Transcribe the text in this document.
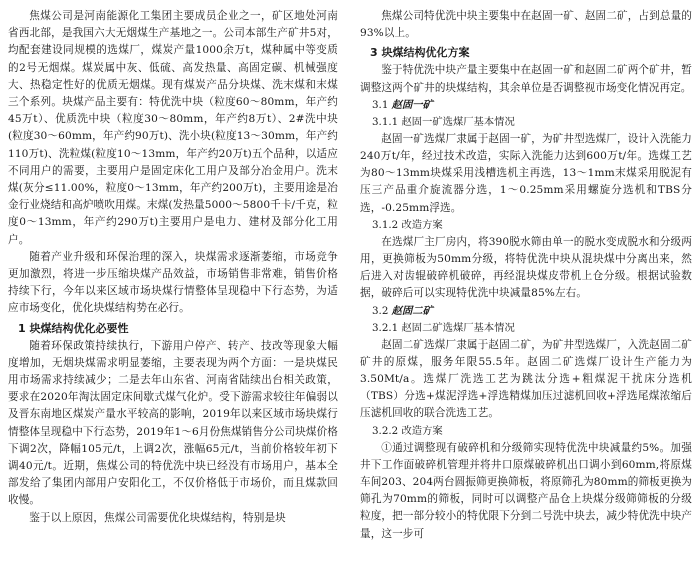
焦煤公司是河南能源化工集团主要成员企业之一，矿区地处河南省西北部，是我国六大无烟煤生产基地之一。公司本部生产矿井5对，均配套建设同规模的选煤厂，煤炭产量1000余万t，煤种属中等变质的2号无烟煤。煤炭属中灰、低硫、高发热量、高固定碳、机械强度大、热稳定性好的优质无烟煤。现有煤炭产品分块煤、洗末煤和末煤三个系列。块煤产品主要有：特优洗中块（粒度60～80mm，年产约45万t）、优质洗中块（粒度30～80mm，年产约8万t）、2#洗中块(粒度30～60mm，年产约90万t)、洗小块(粒度13～30mm，年产约110万t)、洗粒煤(粒度10～13mm，年产约20万t)五个品种，以适应不同用户的需要，主要用户是固定床化工用户及部分冶金用户。洗末煤(灰分≤11.00%，粒度0～13mm，年产约200万t)，主要用途是冶金行业烧结和高炉喷吹用煤。末煤(发热量5000～5800千卡/千克，粒度0～13mm，年产约290万t)主要用户是电力、建材及部分化工用户。

随着产业升级和环保治理的深入，块煤需求逐渐萎缩，市场竞争更加激烈，将进一步压缩块煤产品效益，市场销售非常难，销售价格持续下行，今年以来区域市场块煤行情整体呈现稳中下行态势，为适应市场变化，优化块煤结构势在必行。

1 块煤结构优化必要性

随着环保政策持续执行，下游用户停产、转产、技改等现象大幅度增加，无烟块煤需求明显萎缩，主要表现为两个方面：一是块煤民用市场需求持续减少；二是去年山东省、河南省陆续出台相关政策，要求在2020年淘汰固定床间歇式煤气化炉。受下游需求较往年偏弱以及晋东南地区煤炭产量水平较高的影响，2019年以来区域市场块煤行情整体呈现稳中下行态势，2019年1～6月份焦煤销售分公司块煤价格下调2次，降幅105元/t，上调2次，涨幅65元/t，当前价格较年初下调40元/t。近期，焦煤公司的特优洗中块已经没有市场用户，基本全部发给了集团内部用户安阳化工，不仅价格低于市场价，而且煤款回收慢。

鉴于以上原因，焦煤公司需要优化块煤结构，特别是块

焦煤公司特优洗中块主要集中在赵固一矿、赵固二矿，占到总量的93%以上。

3 块煤结构优化方案

鉴于特优洗中块产量主要集中在赵固一矿和赵固二矿两个矿井，暂调整这两个矿井的块煤结构，其余单位是否调整视市场变化情况再定。

3.1 赵固一矿
3.1.1 赵固一矿选煤厂基本情况

赵固一矿选煤厂隶属于赵固一矿，为矿井型选煤厂，设计入洗能力240万t/年，经过技术改造，实际入洗能力达到600万t/年。选煤工艺为80～13mm块煤采用浅槽选机主再选，13～1mm末煤采用脱泥有压三产品重介旋流器分选，1～0.25mm采用螺旋分选机和TBS分选，-0.25mm浮选。

3.1.2 改造方案

在选煤厂主厂房内，将390脱水筛由单一的脱水变成脱水和分级两用，更换筛板为50mm分级，将特优洗中块从混块煤中分离出来，然后进入对齿辊破碎机破碎，再经混块煤皮带机上仓分级。根据试验数据，破碎后可以实现特优洗中块减量85%左右。

3.2 赵固二矿
3.2.1 赵固二矿选煤厂基本情况

赵固二矿选煤厂隶属于赵固二矿，为矿井型选煤厂，入洗赵固二矿矿井的原煤，服务年限55.5年。赵固二矿选煤厂设计生产能力为3.50Mt/a。选煤厂洗选工艺为跳汰分选+粗煤泥干扰床分选机（TBS）分选+煤泥浮选+浮选精煤加压过滤机回收+浮选尾煤浓缩后压滤机回收的联合洗选工艺。

3.2.2 改造方案

①通过调整现有破碎机和分级筛实现特优洗中块减量约5%。加强井下工作面破碎机管理并将井口原煤破碎机出口调小到60mm,将原煤车间203、204两台圆振筛更换筛板，将原筛孔为80mm的筛板更换为筛孔为70mm的筛板，同时可以调整产品仓上块煤分级筛筛板的分级粒度，把一部分较小的特优限下分到二号洗中块去，减少特优洗中块产量，这一步可
